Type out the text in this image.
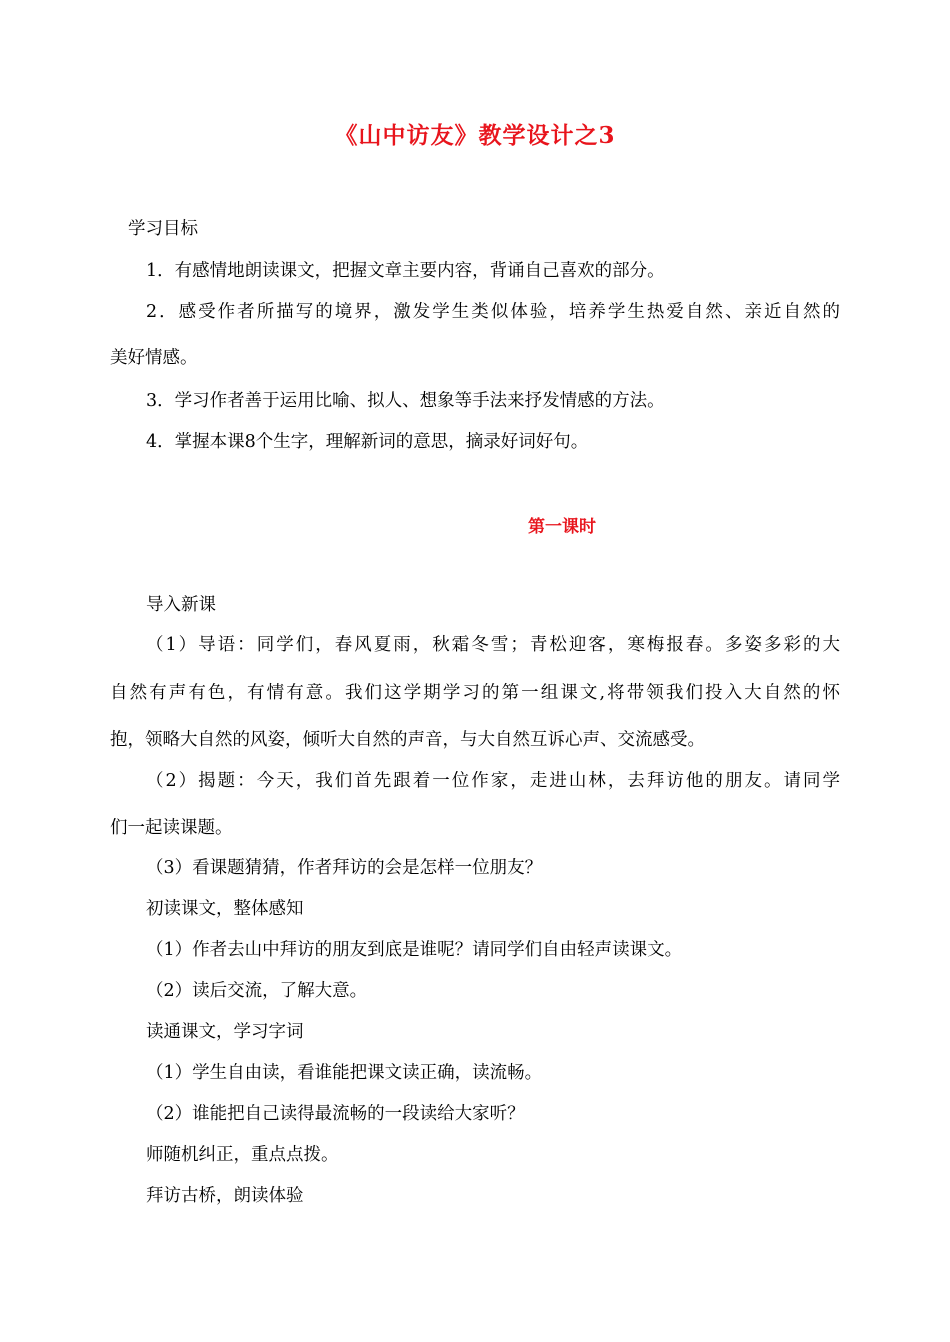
《山中访友》教学设计之3
学习目标
1．有感情地朗读课文，把握文章主要内容，背诵自己喜欢的部分。
2．感受作者所描写的境界，激发学生类似体验，培养学生热爱自然、亲近自然的
美好情感。
3．学习作者善于运用比喻、拟人、想象等手法来抒发情感的方法。
4．掌握本课8个生字，理解新词的意思，摘录好词好句。
第一课时
导入新课
（1）导语：同学们，春风夏雨，秋霜冬雪；青松迎客，寒梅报春。多姿多彩的大
自然有声有色，有情有意。我们这学期学习的第一组课文,将带领我们投入大自然的怀
抱，领略大自然的风姿，倾听大自然的声音，与大自然互诉心声、交流感受。
（2）揭题：今天，我们首先跟着一位作家，走进山林，去拜访他的朋友。请同学
们一起读课题。
（3）看课题猜猜，作者拜访的会是怎样一位朋友？
初读课文，整体感知
（1）作者去山中拜访的朋友到底是谁呢？请同学们自由轻声读课文。
（2）读后交流，了解大意。
读通课文，学习字词
（1）学生自由读，看谁能把课文读正确，读流畅。
（2）谁能把自己读得最流畅的一段读给大家听？
师随机纠正，重点点拨。
拜访古桥，朗读体验
